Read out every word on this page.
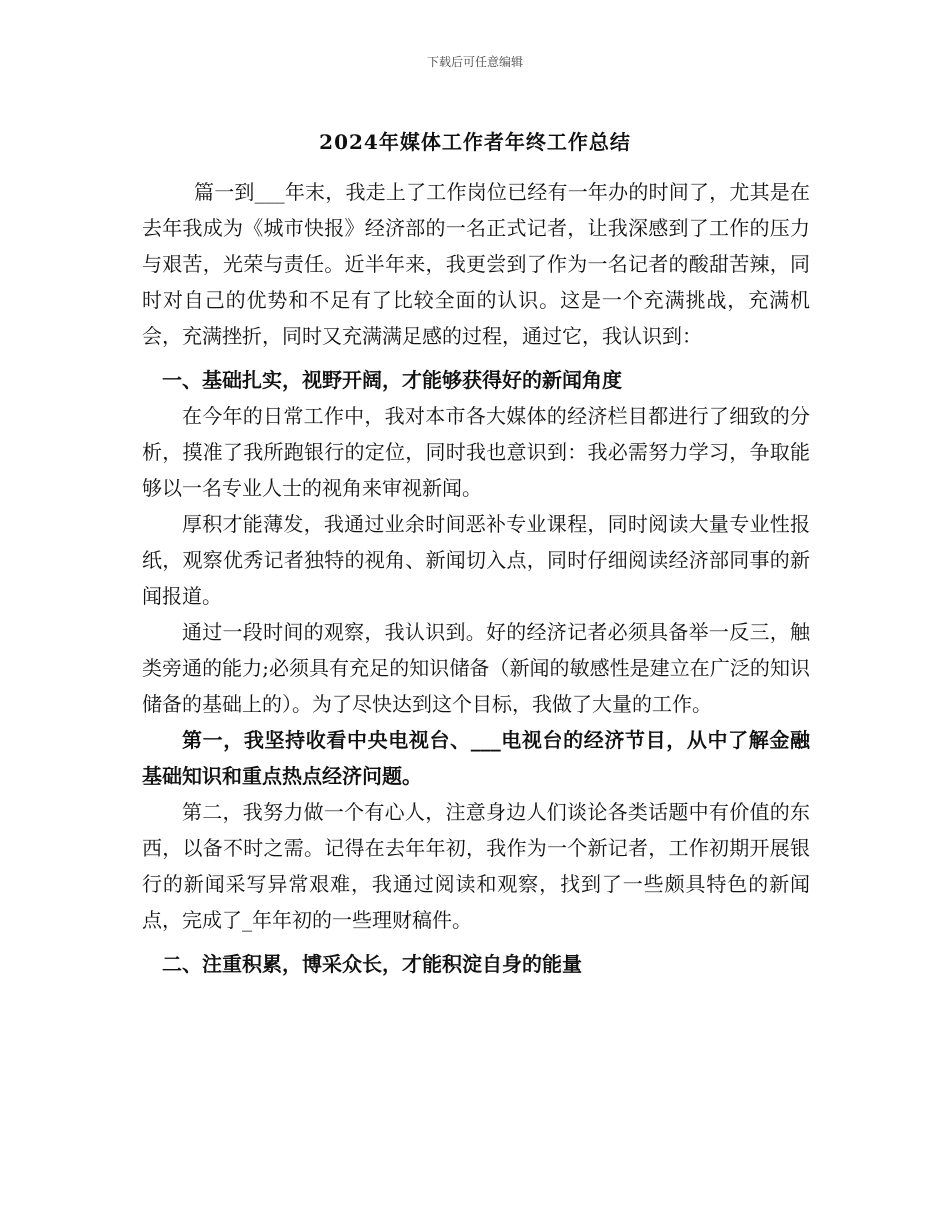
下载后可任意编辑
2024年媒体工作者年终工作总结

篇一到___年末，我走上了工作岗位已经有一年办的时间了，尤其是在去年我成为《城市快报》经济部的一名正式记者，让我深感到了工作的压力与艰苦，光荣与责任。近半年来，我更尝到了作为一名记者的酸甜苦辣，同时对自己的优势和不足有了比较全面的认识。这是一个充满挑战，充满机会，充满挫折，同时又充满满足感的过程，通过它，我认识到：

一、基础扎实，视野开阔，才能够获得好的新闻角度

在今年的日常工作中，我对本市各大媒体的经济栏目都进行了细致的分析，摸准了我所跑银行的定位，同时我也意识到：我必需努力学习，争取能够以一名专业人士的视角来审视新闻。

厚积才能薄发，我通过业余时间恶补专业课程，同时阅读大量专业性报纸，观察优秀记者独特的视角、新闻切入点，同时仔细阅读经济部同事的新闻报道。

通过一段时间的观察，我认识到。好的经济记者必须具备举一反三，触类旁通的能力;必须具有充足的知识储备（新闻的敏感性是建立在广泛的知识储备的基础上的）。为了尽快达到这个目标，我做了大量的工作。

第一，我坚持收看中央电视台、___电视台的经济节目，从中了解金融基础知识和重点热点经济问题。

第二，我努力做一个有心人，注意身边人们谈论各类话题中有价值的东西，以备不时之需。记得在去年年初，我作为一个新记者，工作初期开展银行的新闻采写异常艰难，我通过阅读和观察，找到了一些颇具特色的新闻点，完成了_年年初的一些理财稿件。

二、注重积累，博采众长，才能积淀自身的能量
